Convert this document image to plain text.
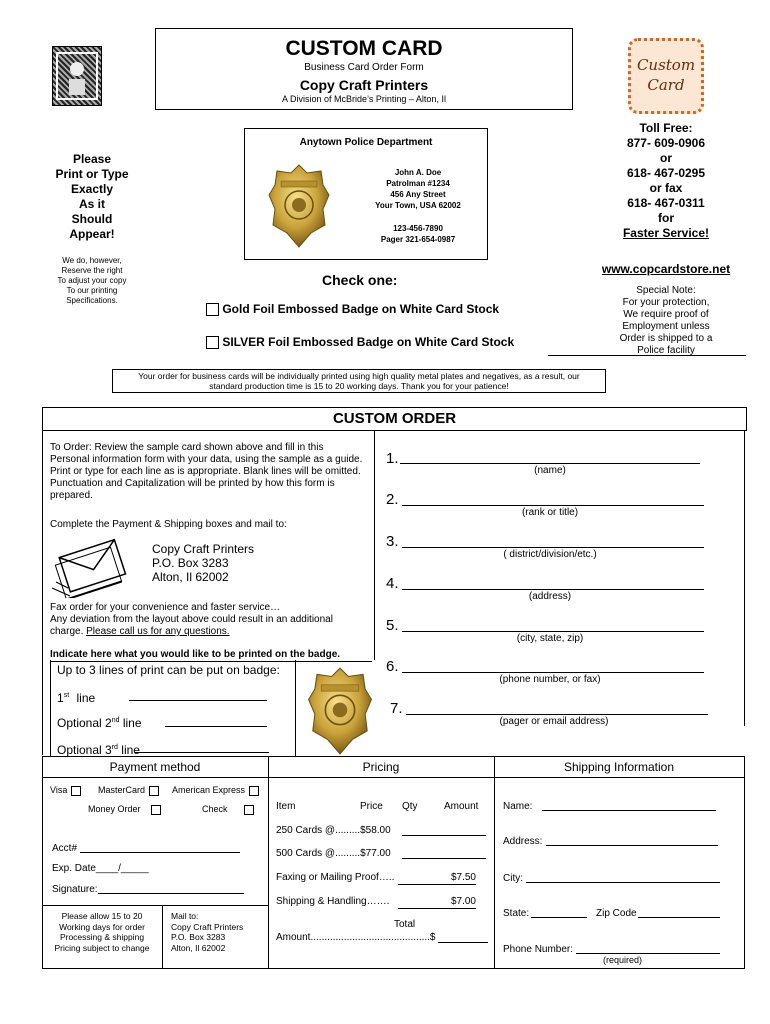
CUSTOM CARD
Business Card Order Form
Copy Craft Printers
A Division of McBride’s Printing – Alton, Il
Custom
Card
Please
Print or Type
Exactly
As it
Should
Appear!
We do, however,
Reserve the right
To adjust your copy
To our printing
Specifications.
Anytown Police Department
John A. Doe
Patrolman #1234
456 Any Street
Your Town, USA 62002
123-456-7890
Pager 321-654-0987
Toll Free:
877- 609-0906
or
618- 467-0295
or fax
618- 467-0311
for
Faster Service!
www.copcardstore.net
Special Note:
For your protection,
We require proof of
Employment unless
Order is shipped to a
Police facility
Check one:
Gold Foil Embossed Badge on White Card Stock
SILVER Foil Embossed Badge on White Card Stock
Your order for business cards will be individually printed using high quality metal plates and negatives, as a result, our
standard production time is 15 to 20 working days. Thank you for your patience!
CUSTOM ORDER
To Order: Review the sample card shown above and fill in this
Personal information form with your data, using the sample as a guide.
Print or type for each line as is appropriate. Blank lines will be omitted.
Punctuation and Capitalization will be printed by how this form is
prepared.
Complete the Payment & Shipping boxes and mail to:
Copy Craft Printers
P.O. Box 3283
Alton, Il 62002
Fax order for your convenience and faster service…
Any deviation from the layout above could result in an additional
charge. Please call us for any questions.
Indicate here what you would like to be printed on the badge.
Up to 3 lines of print can be put on badge:
1st line
Optional 2nd line
Optional 3rd line
1.
(name)
2.
(rank or title)
3.
( district/division/etc.)
4.
(address)
5.
(city, state, zip)
6.
(phone number, or fax)
7.
(pager or email address)
Payment method	Pricing	Shipping Information
Visa	MasterCard	American Express
Money Order	Check
Acct#
Exp. Date____/_____
Signature:
Please allow 15 to 20
Working days for order
Processing & shipping
Pricing subject to change
Mail to:
Copy Craft Printers
P.O. Box 3283
Alton, Il 62002
Item	Price Qty	Amount
250 Cards @.........$58.00
500 Cards @.........$77.00
Faxing or Mailing Proof…..	$7.50
Shipping & Handling…….	$7.00
Total
Amount...........................................$
Name:
Address:
City:
State:	Zip Code
Phone Number:
(required)
